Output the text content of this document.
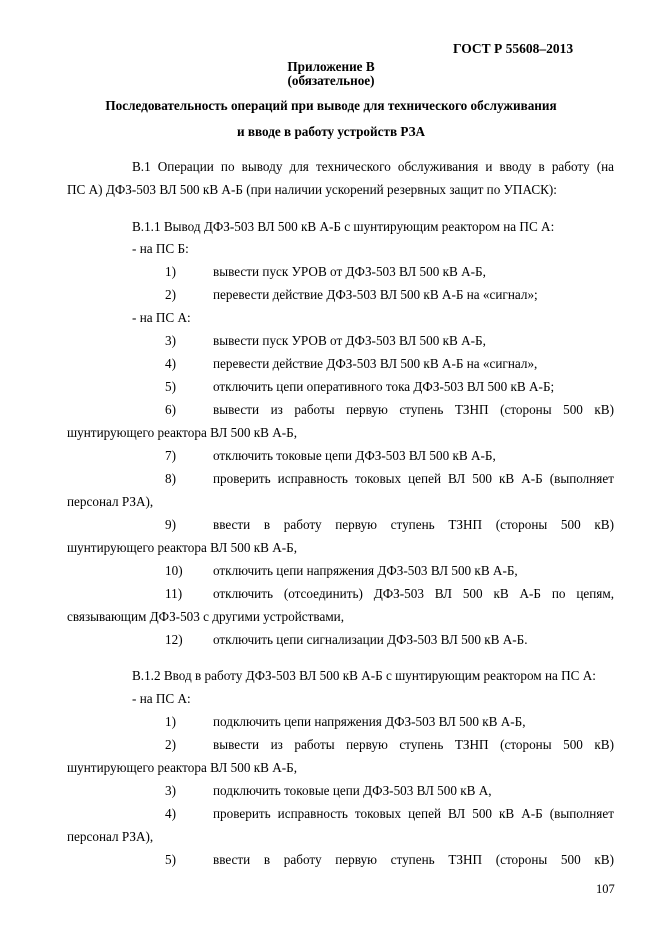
ГОСТ Р 55608–2013
Приложение В
(обязательное)
Последовательность операций при выводе для технического обслуживания
и вводе в работу устройств РЗА
В.1 Операции по выводу для технического обслуживания и вводу в работу (на
ПС А) ДФЗ-503 ВЛ 500 кВ А-Б (при наличии ускорений резервных защит по УПАСК):
В.1.1 Вывод ДФЗ-503 ВЛ 500 кВ А-Б с шунтирующим реактором на ПС А:
- на ПС Б:
1)	вывести пуск УРОВ от ДФЗ-503 ВЛ 500 кВ А-Б,
2)	перевести действие ДФЗ-503 ВЛ 500 кВ А-Б на «сигнал»;
- на ПС А:
3)	вывести пуск УРОВ от ДФЗ-503 ВЛ 500 кВ А-Б,
4)	перевести действие ДФЗ-503 ВЛ 500 кВ А-Б на «сигнал»,
5)	отключить цепи оперативного тока ДФЗ-503 ВЛ 500 кВ А-Б;
6)	вывести из работы первую ступень ТЗНП (стороны 500 кВ)
шунтирующего реактора ВЛ 500 кВ А-Б,
7)	отключить токовые цепи ДФЗ-503 ВЛ 500 кВ А-Б,
8)	проверить исправность токовых цепей ВЛ 500 кВ А-Б (выполняет
персонал РЗА),
9)	ввести в работу первую ступень ТЗНП (стороны 500 кВ)
шунтирующего реактора ВЛ 500 кВ А-Б,
10)	отключить цепи напряжения ДФЗ-503 ВЛ 500 кВ А-Б,
11)	отключить (отсоединить) ДФЗ-503 ВЛ 500 кВ А-Б по цепям,
связывающим ДФЗ-503 с другими устройствами,
12)	отключить цепи сигнализации ДФЗ-503 ВЛ 500 кВ А-Б.
В.1.2 Ввод в работу ДФЗ-503 ВЛ 500 кВ А-Б с шунтирующим реактором на ПС А:
- на ПС А:
1)	подключить цепи напряжения ДФЗ-503 ВЛ 500 кВ А-Б,
2)	вывести из работы первую ступень ТЗНП (стороны 500 кВ)
шунтирующего реактора ВЛ 500 кВ А-Б,
3)	подключить токовые цепи ДФЗ-503 ВЛ 500 кВ А,
4)	проверить исправность токовых цепей ВЛ 500 кВ А-Б (выполняет
персонал РЗА),
5)	ввести в работу первую ступень ТЗНП (стороны 500 кВ)
107
